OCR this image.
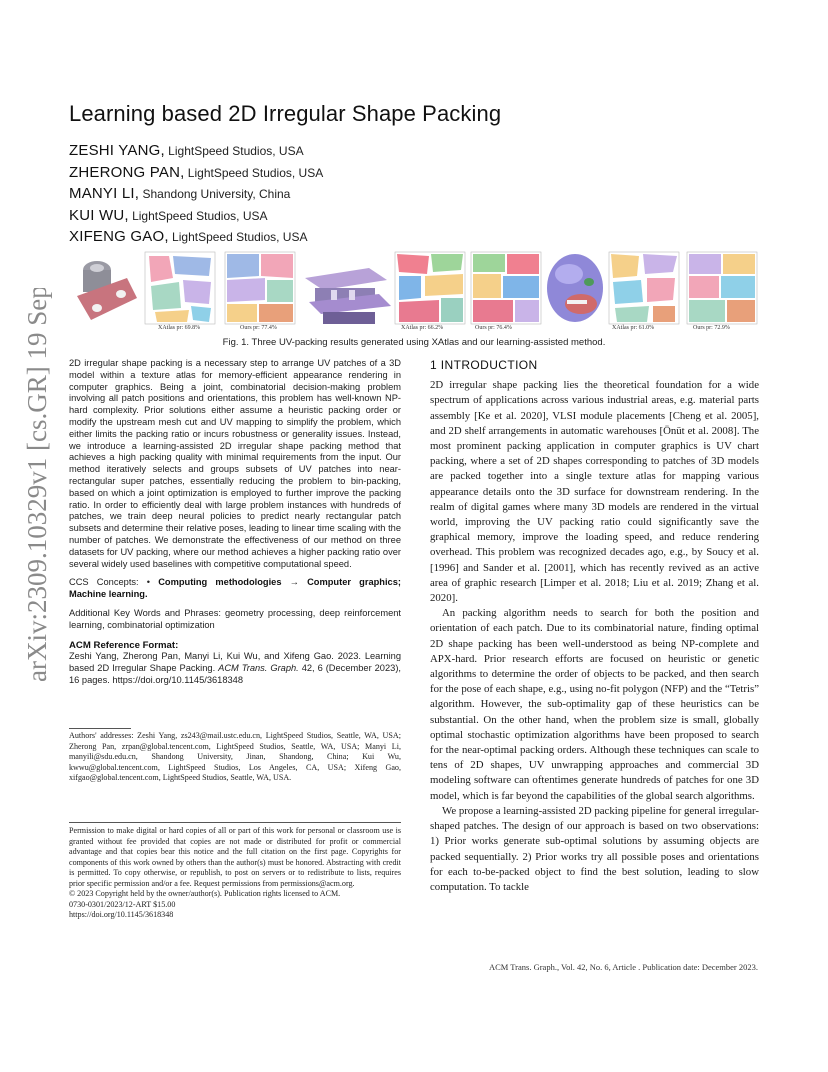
arXiv:2309.10329v1 [cs.GR] 19 Sep 2023
Learning based 2D Irregular Shape Packing
ZESHI YANG, LightSpeed Studios, USA
ZHERONG PAN, LightSpeed Studios, USA
MANYI LI, Shandong University, China
KUI WU, LightSpeed Studios, USA
XIFENG GAO, LightSpeed Studios, USA
XAtlas pr: 69.8%	Ours pr: 77.4%	XAtlas pr: 66.2%	Ours pr: 76.4%	XAtlas pr: 61.0%	Ours pr: 72.9%
Fig. 1. Three UV-packing results generated using XAtlas and our learning-assisted method.

2D irregular shape packing is a necessary step to arrange UV patches of a 3D model within a texture atlas for memory-efficient appearance rendering in computer graphics. Being a joint, combinatorial decision-making problem involving all patch positions and orientations, this problem has well-known NP-hard complexity. Prior solutions either assume a heuristic packing order or modify the upstream mesh cut and UV mapping to simplify the problem, which either limits the packing ratio or incurs robustness or generality issues. Instead, we introduce a learning-assisted 2D irregular shape packing method that achieves a high packing quality with minimal requirements from the input. Our method iteratively selects and groups subsets of UV patches into near-rectangular super patches, essentially reducing the problem to bin-packing, based on which a joint optimization is employed to further improve the packing ratio. In order to efficiently deal with large problem instances with hundreds of patches, we train deep neural policies to predict nearly rectangular patch subsets and determine their relative poses, leading to linear time scaling with the number of patches. We demonstrate the effectiveness of our method on three datasets for UV packing, where our method achieves a higher packing ratio over several widely used baselines with competitive computational speed.

CCS Concepts: • Computing methodologies → Computer graphics; Machine learning.

Additional Key Words and Phrases: geometry processing, deep reinforcement learning, combinatorial optimization

ACM Reference Format:

Zeshi Yang, Zherong Pan, Manyi Li, Kui Wu, and Xifeng Gao. 2023. Learning based 2D Irregular Shape Packing. ACM Trans. Graph. 42, 6 (December 2023), 16 pages. https://doi.org/10.1145/3618348

Authors' addresses: Zeshi Yang, zs243@mail.ustc.edu.cn, LightSpeed Studios, Seattle, WA, USA; Zherong Pan, zrpan@global.tencent.com, LightSpeed Studios, Seattle, WA, USA; Manyi Li, manyili@sdu.edu.cn, Shandong University, Jinan, Shandong, China; Kui Wu, kwwu@global.tencent.com, LightSpeed Studios, Los Angeles, CA, USA; Xifeng Gao, xifgao@global.tencent.com, LightSpeed Studios, Seattle, WA, USA.
Permission to make digital or hard copies of all or part of this work for personal or classroom use is granted without fee provided that copies are not made or distributed for profit or commercial advantage and that copies bear this notice and the full citation on the first page. Copyrights for components of this work owned by others than the author(s) must be honored. Abstracting with credit is permitted. To copy otherwise, or republish, to post on servers or to redistribute to lists, requires prior specific permission and/or a fee. Request permissions from permissions@acm.org.
© 2023 Copyright held by the owner/author(s). Publication rights licensed to ACM.
0730-0301/2023/12-ART $15.00
https://doi.org/10.1145/3618348
1 INTRODUCTION

2D irregular shape packing lies the theoretical foundation for a wide spectrum of applications across various industrial areas, e.g. material parts assembly [Ke et al. 2020], VLSI module placements [Cheng et al. 2005], and 2D shelf arrangements in automatic warehouses [Önüt et al. 2008]. The most prominent packing application in computer graphics is UV chart packing, where a set of 2D shapes corresponding to patches of 3D models are packed together into a single texture atlas for mapping various appearance details onto the 3D surface for downstream rendering. In the realm of digital games where many 3D models are rendered in the virtual world, improving the UV packing ratio could significantly save the graphical memory, improve the loading speed, and reduce rendering overhead. This problem was recognized decades ago, e.g., by Soucy et al. [1996] and Sander et al. [2001], which has recently revived as an active area of graphic research [Limper et al. 2018; Liu et al. 2019; Zhang et al. 2020].

An packing algorithm needs to search for both the position and orientation of each patch. Due to its combinatorial nature, finding optimal 2D shape packing has been well-understood as being NP-complete and APX-hard. Prior research efforts are focused on heuristic or genetic algorithms to determine the order of objects to be packed, and then search for the pose of each shape, e.g., using no-fit polygon (NFP) and the “Tetris” algorithm. However, the sub-optimality gap of these heuristics can be substantial. On the other hand, when the problem size is small, globally optimal stochastic optimization algorithms have been proposed to search for the near-optimal packing orders. Although these techniques can scale to tens of 2D shapes, UV unwrapping approaches and commercial 3D modeling software can oftentimes generate hundreds of patches for one 3D model, which is far beyond the capabilities of the global search algorithms.

We propose a learning-assisted 2D packing pipeline for general irregular-shaped patches. The design of our approach is based on two observations: 1) Prior works generate sub-optimal solutions by assuming objects are packed sequentially. 2) Prior works try all possible poses and orientations for each to-be-packed object to find the best solution, leading to slow computation. To tackle

ACM Trans. Graph., Vol. 42, No. 6, Article . Publication date: December 2023.
